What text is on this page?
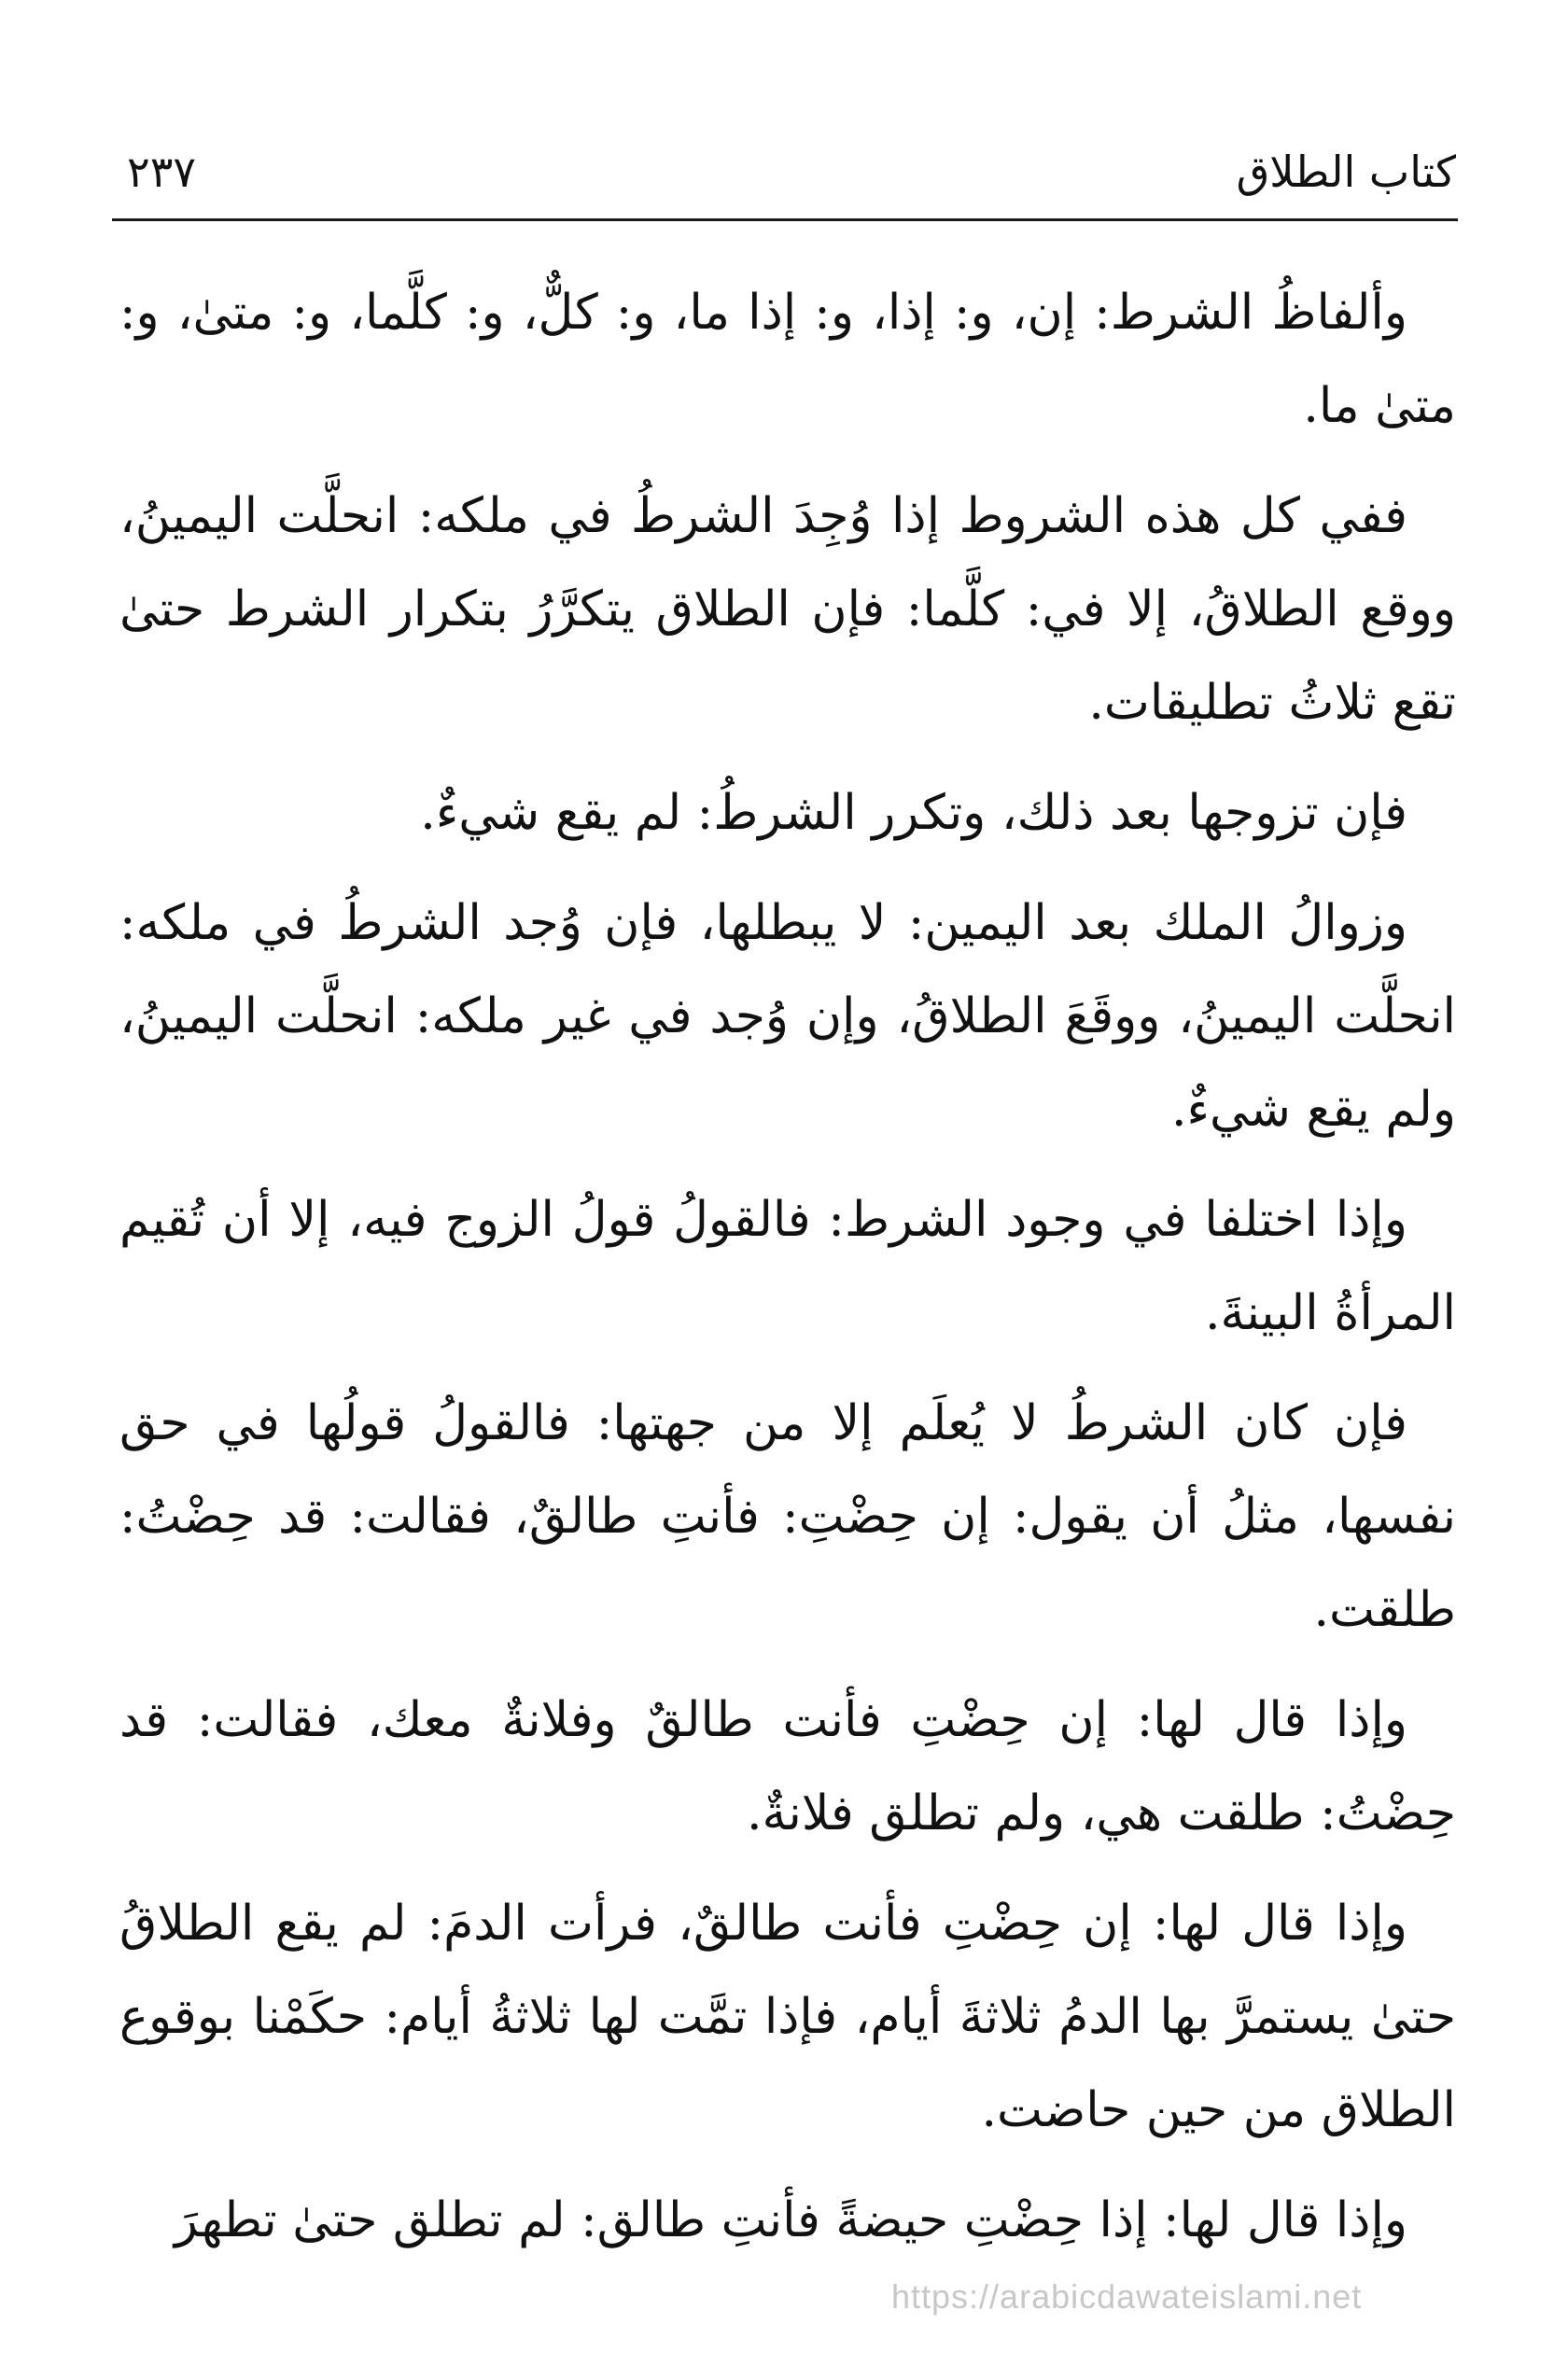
كتاب الطلاق
٢٣٧

وألفاظُ الشرط: إن، و: إذا، و: إذا ما، و: كلٌّ، و: كلَّما، و: متىٰ، و: متىٰ ما.

ففي كل هذه الشروط إذا وُجِدَ الشرطُ في ملكه: انحلَّت اليمينُ، ووقع الطلاقُ، إلا في: كلَّما: فإن الطلاق يتكرَّرُ بتكرار الشرط حتىٰ تقع ثلاثُ تطليقات.

فإن تزوجها بعد ذلك، وتكرر الشرطُ: لم يقع شيءٌ.

وزوالُ الملك بعد اليمين: لا يبطلها، فإن وُجد الشرطُ في ملكه: انحلَّت اليمينُ، ووقَعَ الطلاقُ، وإن وُجد في غير ملكه: انحلَّت اليمينُ، ولم يقع شيءٌ.

وإذا اختلفا في وجود الشرط: فالقولُ قولُ الزوج فيه، إلا أن تُقيم المرأةُ البينةَ.

فإن كان الشرطُ لا يُعلَم إلا من جهتها: فالقولُ قولُها في حق نفسها، مثلُ أن يقول: إن حِضْتِ: فأنتِ طالقٌ، فقالت: قد حِضْتُ: طلقت.

وإذا قال لها: إن حِضْتِ فأنت طالقٌ وفلانةٌ معك، فقالت: قد حِضْتُ: طلقت هي، ولم تطلق فلانةٌ.

وإذا قال لها: إن حِضْتِ فأنت طالقٌ، فرأت الدمَ: لم يقع الطلاقُ حتىٰ يستمرَّ بها الدمُ ثلاثةَ أيام، فإذا تمَّت لها ثلاثةُ أيام: حكَمْنا بوقوع الطلاق من حين حاضت.

وإذا قال لها: إذا حِضْتِ حيضةً فأنتِ طالق: لم تطلق حتىٰ تطهرَ

https://arabicdawateislami.net
